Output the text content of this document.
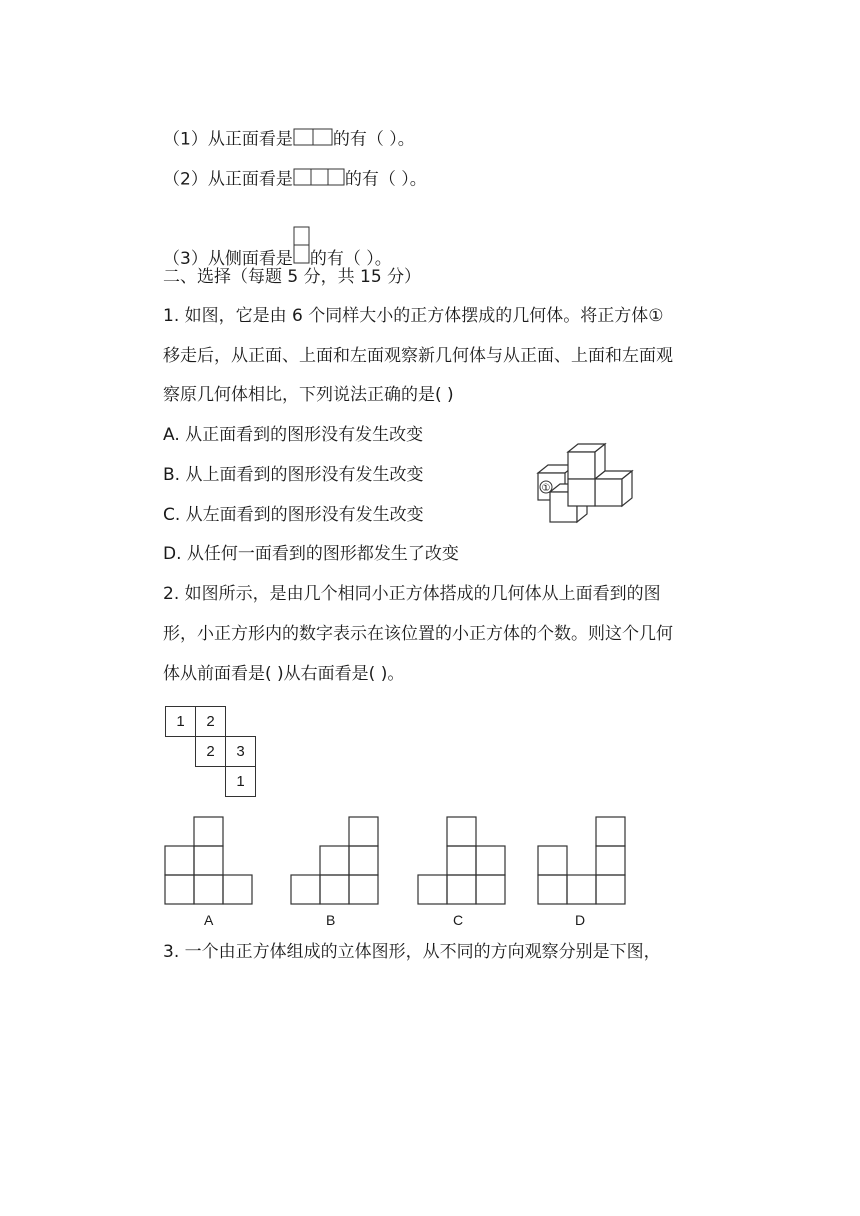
（1）从正面看是 的有（ ）。
（2）从正面看是	的有（ ）。
（3）从侧面看是 的有（ ）。
二、选择（每题 5 分，共 15 分）
1. 如图，它是由 6 个同样大小的正方体摆成的几何体。将正方体①
移走后，从正面、上面和左面观察新几何体与从正面、上面和左面观
察原几何体相比，下列说法正确的是( )
A. 从正面看到的图形没有发生改变
B. 从上面看到的图形没有发生改变
C. 从左面看到的图形没有发生改变
D. 从任何一面看到的图形都发生了改变
①
2. 如图所示，是由几个相同小正方体搭成的几何体从上面看到的图
形，小正方形内的数字表示在该位置的小正方体的个数。则这个几何
体从前面看是( )从右面看是( )。
1	2	
	2	3
		1
A	B	C	D
3. 一个由正方体组成的立体图形，从不同的方向观察分别是下图，
